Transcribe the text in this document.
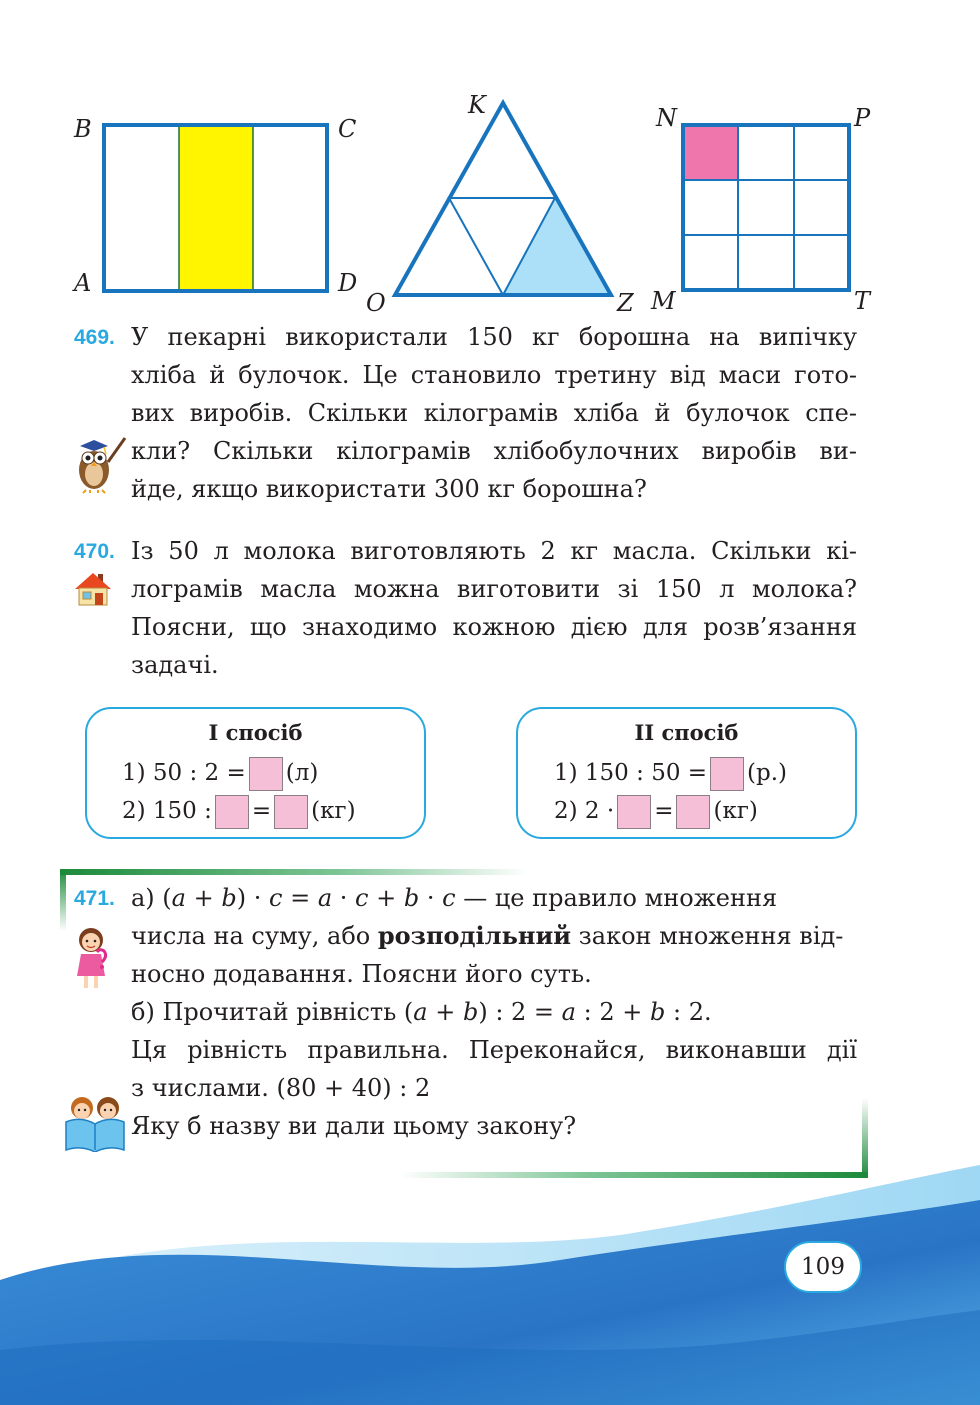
B	C
A	D
K
O	Z
N	P
M	T
469. У пекарні використали 150 кг борошна на випічку
хліба й булочок. Це становило третину від маси гото-
вих виробів. Скільки кілограмів хліба й булочок спе-
кли? Скільки кілограмів хлібобулочних виробів ви-
йде, якщо використати 300 кг борошна?
470. Із 50 л молока виготовляють 2 кг масла. Скільки кі-
лограмів масла можна виготовити зі 150 л молока?
Поясни, що знаходимо кожною дією для розв’язання
задачі.
І спосіб
1) 50 : 2 = (л)
2) 150 : = (кг)
ІІ спосіб
1) 150 : 50 = (р.)
2) 2 · = (кг)
471. а) (a + b) · c = a · c + b · c — це правило множення
числа на суму, або розподільний закон множення від-
носно додавання. Поясни його суть.
б) Прочитай рівність (a + b) : 2 = a : 2 + b : 2.
Ця рівність правильна. Переконайся, виконавши дії
з числами. (80 + 40) : 2
Яку б назву ви дали цьому закону?
109
